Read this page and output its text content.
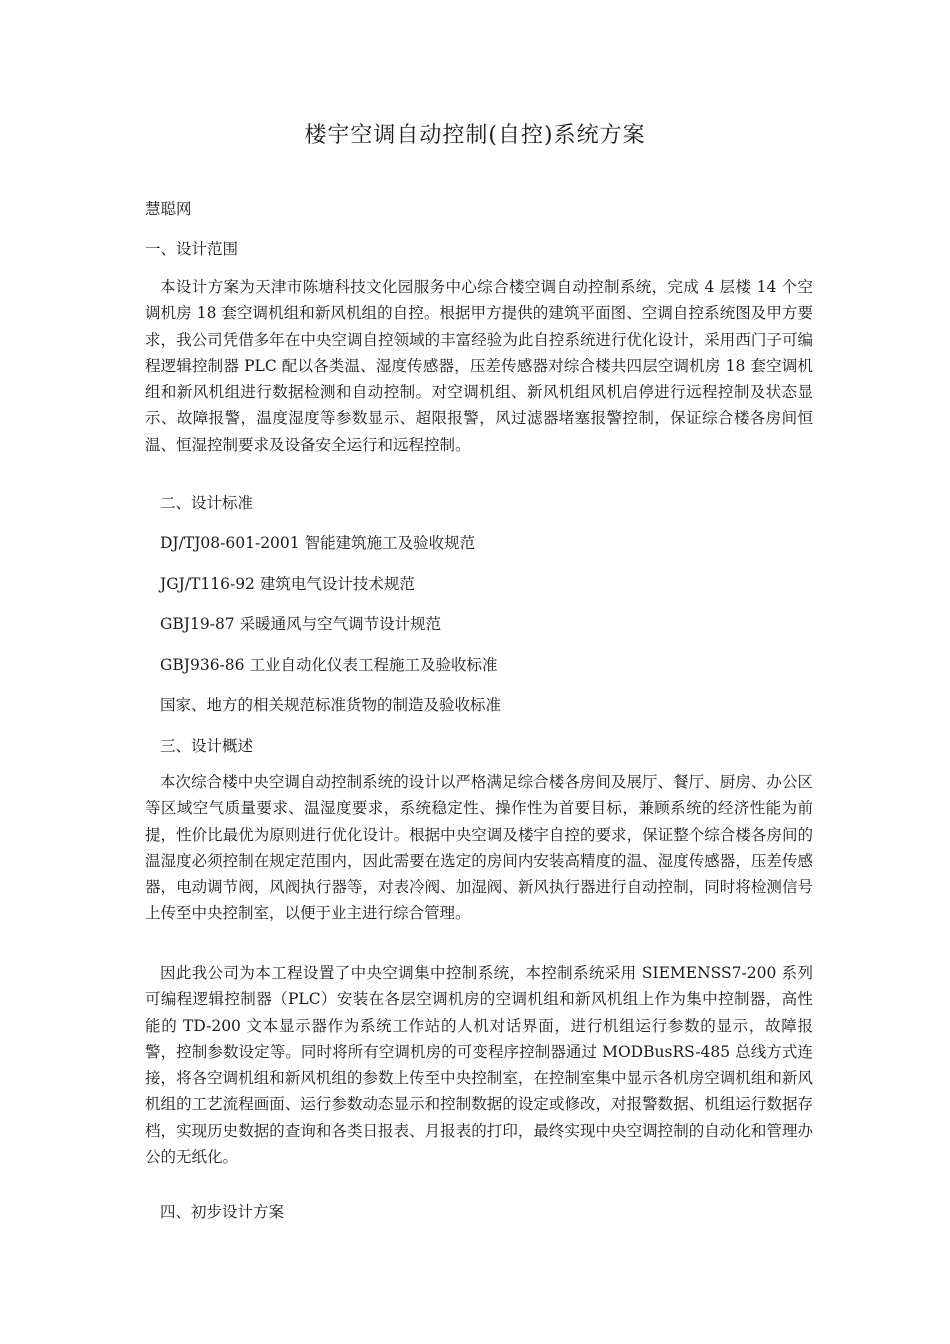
楼宇空调自动控制(自控)系统方案
慧聪网
一、设计范围
本设计方案为天津市陈塘科技文化园服务中心综合楼空调自动控制系统，完成 4 层楼 14 个空调机房 18 套空调机组和新风机组的自控。根据甲方提供的建筑平面图、空调自控系统图及甲方要求，我公司凭借多年在中央空调自控领域的丰富经验为此自控系统进行优化设计，采用西门子可编程逻辑控制器 PLC 配以各类温、湿度传感器，压差传感器对综合楼共四层空调机房 18 套空调机组和新风机组进行数据检测和自动控制。对空调机组、新风机组风机启停进行远程控制及状态显示、故障报警，温度湿度等参数显示、超限报警，风过滤器堵塞报警控制，保证综合楼各房间恒温、恒湿控制要求及设备安全运行和远程控制。
二、设计标准
DJ/TJ08-601-2001 智能建筑施工及验收规范
JGJ/T116-92 建筑电气设计技术规范
GBJ19-87 采暖通风与空气调节设计规范
GBJ936-86 工业自动化仪表工程施工及验收标准
国家、地方的相关规范标准货物的制造及验收标准
三、设计概述
本次综合楼中央空调自动控制系统的设计以严格满足综合楼各房间及展厅、餐厅、厨房、办公区等区域空气质量要求、温湿度要求，系统稳定性、操作性为首要目标，兼顾系统的经济性能为前提，性价比最优为原则进行优化设计。根据中央空调及楼宇自控的要求，保证整个综合楼各房间的温湿度必须控制在规定范围内，因此需要在选定的房间内安装高精度的温、湿度传感器，压差传感器，电动调节阀，风阀执行器等，对表冷阀、加湿阀、新风执行器进行自动控制，同时将检测信号上传至中央控制室，以便于业主进行综合管理。
因此我公司为本工程设置了中央空调集中控制系统，本控制系统采用 SIEMENSS7-200 系列可编程逻辑控制器（PLC）安装在各层空调机房的空调机组和新风机组上作为集中控制器，高性能的 TD-200 文本显示器作为系统工作站的人机对话界面，进行机组运行参数的显示，故障报警，控制参数设定等。同时将所有空调机房的可变程序控制器通过 MODBusRS-485 总线方式连接，将各空调机组和新风机组的参数上传至中央控制室，在控制室集中显示各机房空调机组和新风机组的工艺流程画面、运行参数动态显示和控制数据的设定或修改，对报警数据、机组运行数据存档，实现历史数据的查询和各类日报表、月报表的打印，最终实现中央空调控制的自动化和管理办公的无纸化。
四、初步设计方案
